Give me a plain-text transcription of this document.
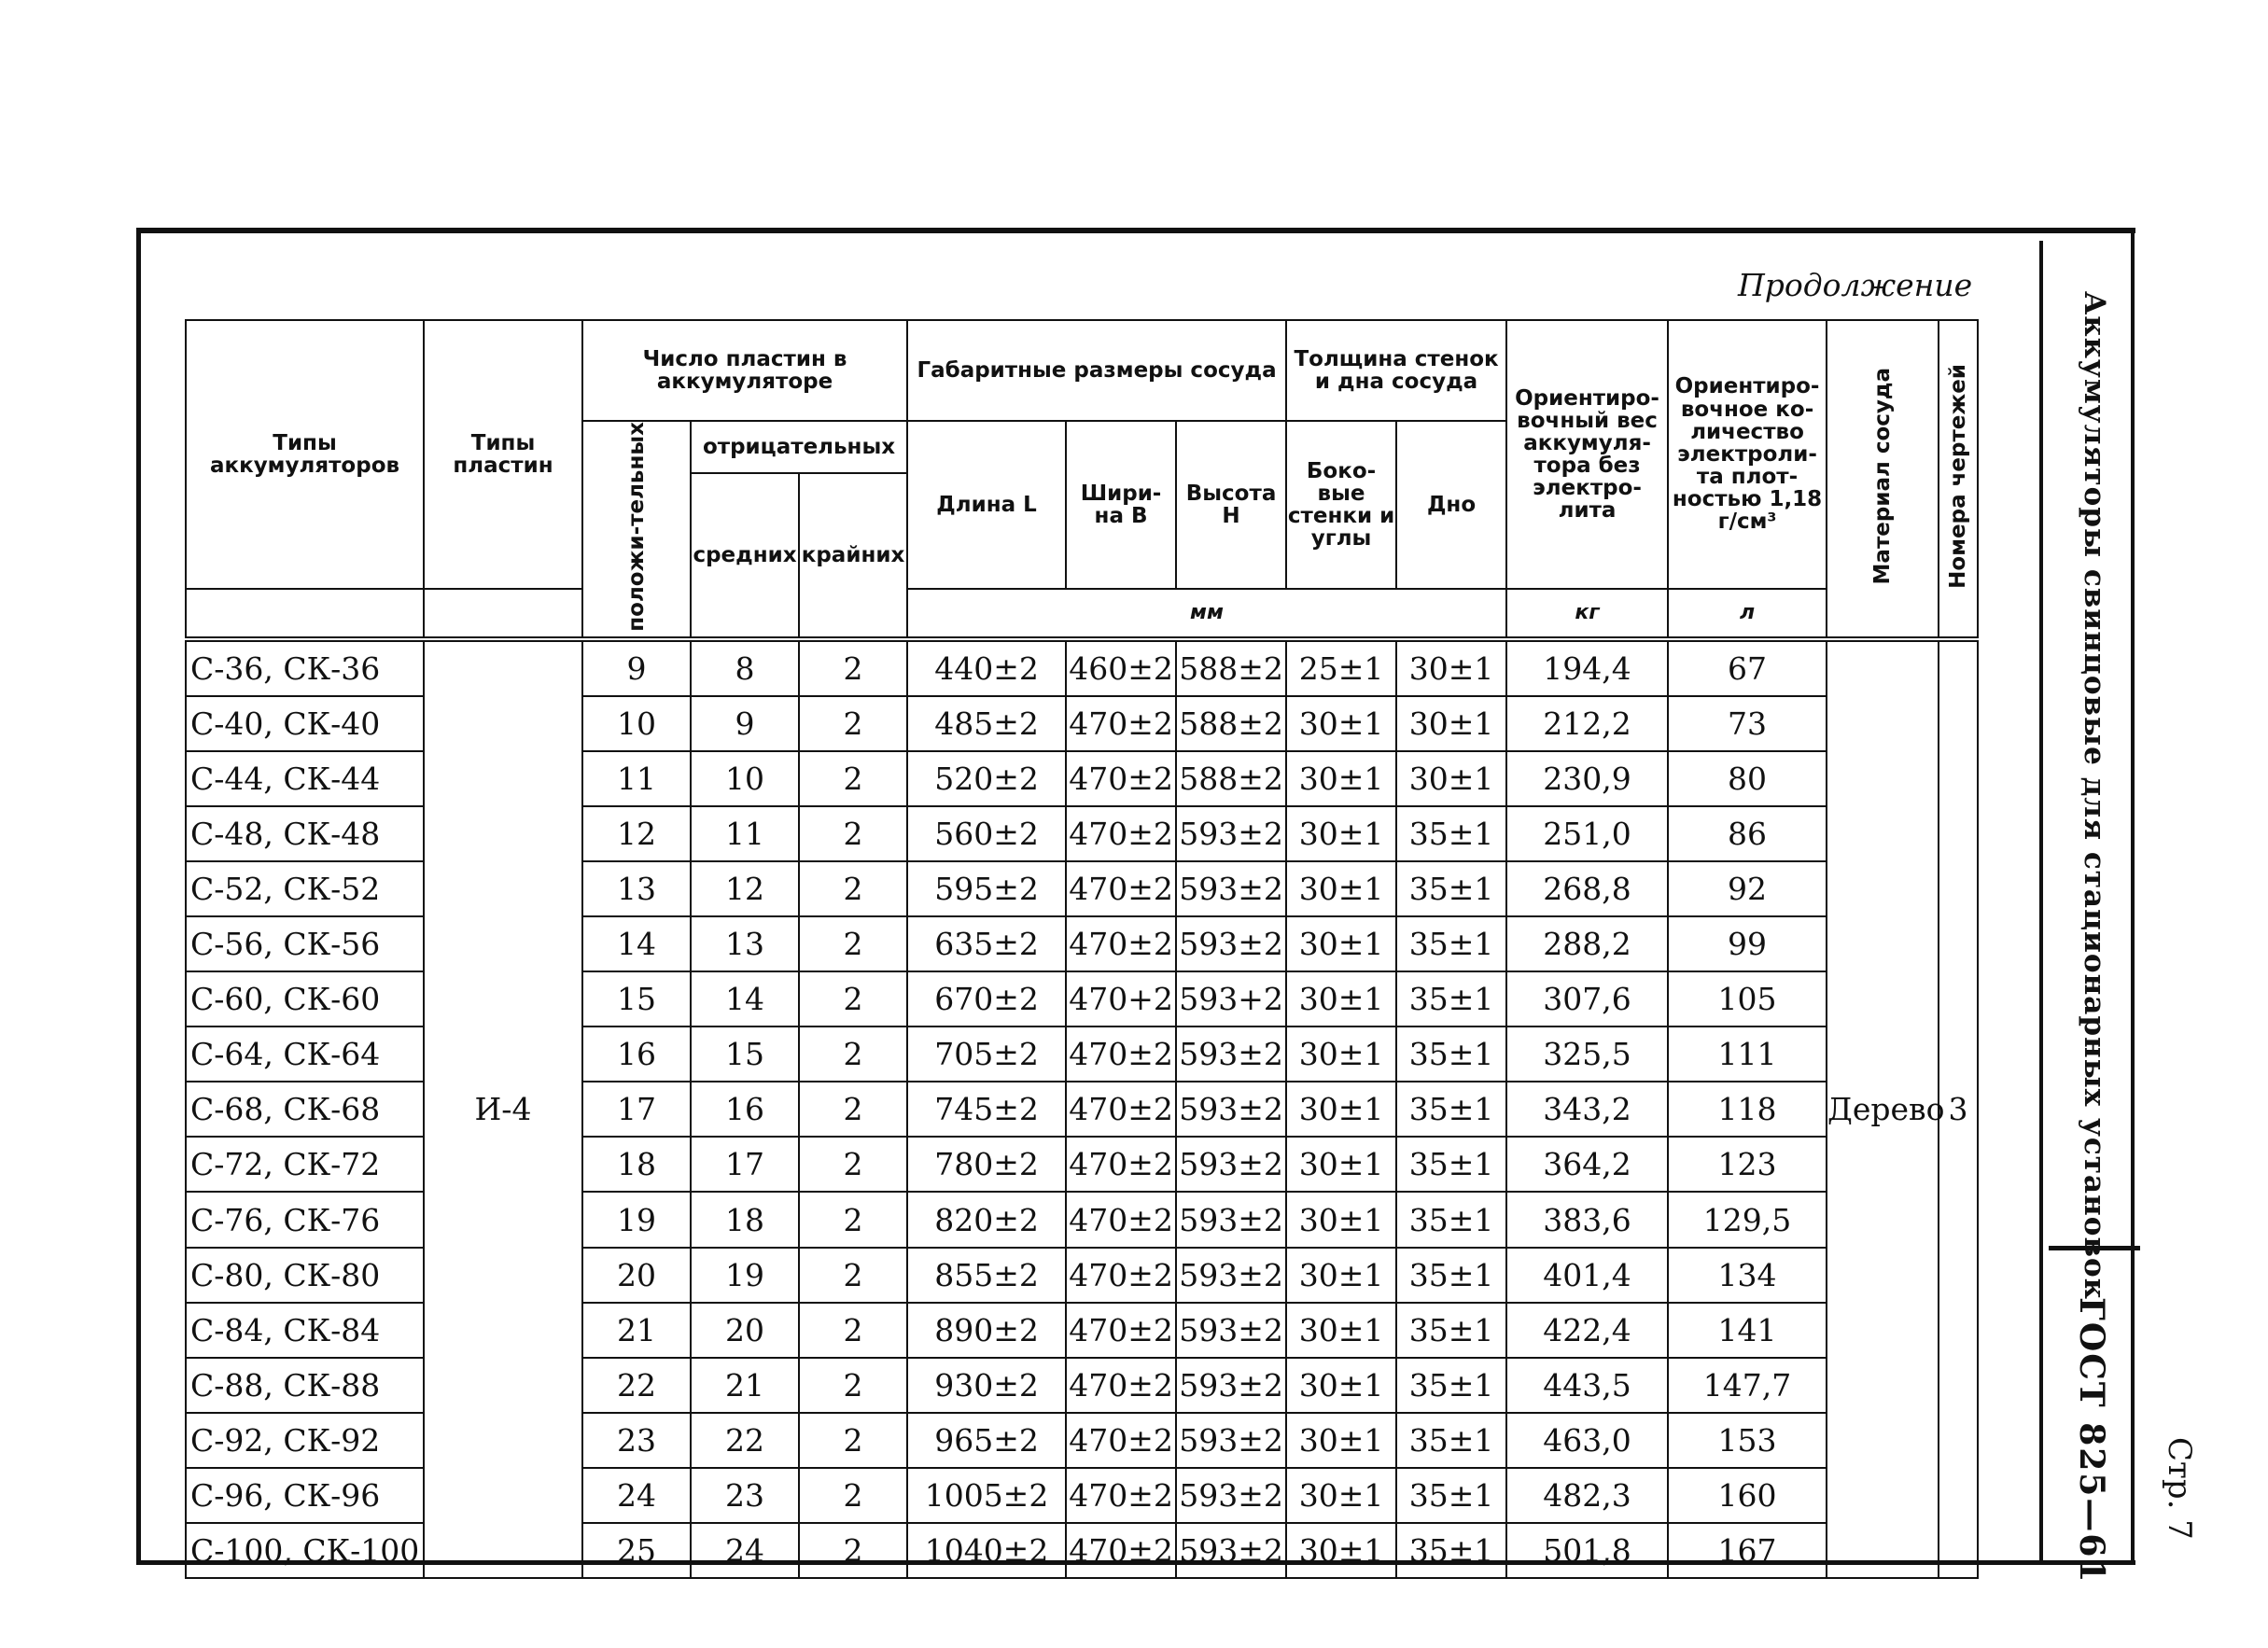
Аккумуляторы свинцовые для стационарных установок
ГОСТ 825—61 Стр. 7
Продолжение
Типы аккумуляторов	Типы пластин	Число пластин в аккумуляторе			Габаритные размеры сосуда			Толщина стенок и дна сосуда		Ориентиро-вочный вес аккумуля-тора без электро-лита	Ориентиро-вочное ко-личество электроли-та плот-ностью 1,18 г/см³	Материал сосуда	Номера чертежей
		положи-тельных	отрицательных		Длина L	Шири-на B	Высота H	Боко-вые стенки и углы	Дно				
			средних	крайних									
					мм					кг	л		
С-36, СК-36	И-4	9	8	2	440±2	460±2	588±2	25±1	30±1	194,4	67	Дерево	3
С-40, СК-40		10	9	2	485±2	470±2	588±2	30±1	30±1	212,2	73		
С-44, СК-44		11	10	2	520±2	470±2	588±2	30±1	30±1	230,9	80		
С-48, СК-48		12	11	2	560±2	470±2	593±2	30±1	35±1	251,0	86		
С-52, СК-52		13	12	2	595±2	470±2	593±2	30±1	35±1	268,8	92		
С-56, СК-56		14	13	2	635±2	470±2	593±2	30±1	35±1	288,2	99		
С-60, СК-60		15	14	2	670±2	470+2	593+2	30±1	35±1	307,6	105		
С-64, СК-64		16	15	2	705±2	470±2	593±2	30±1	35±1	325,5	111		
С-68, СК-68		17	16	2	745±2	470±2	593±2	30±1	35±1	343,2	118		
С-72, СК-72		18	17	2	780±2	470±2	593±2	30±1	35±1	364,2	123		
С-76, СК-76		19	18	2	820±2	470±2	593±2	30±1	35±1	383,6	129,5		
С-80, СК-80		20	19	2	855±2	470±2	593±2	30±1	35±1	401,4	134		
С-84, СК-84		21	20	2	890±2	470±2	593±2	30±1	35±1	422,4	141		
С-88, СК-88		22	21	2	930±2	470±2	593±2	30±1	35±1	443,5	147,7		
С-92, СК-92		23	22	2	965±2	470±2	593±2	30±1	35±1	463,0	153		
С-96, СК-96		24	23	2	1005±2	470±2	593±2	30±1	35±1	482,3	160		
С-100, СК-100		25	24	2	1040±2	470±2	593±2	30±1	35±1	501,8	167		
